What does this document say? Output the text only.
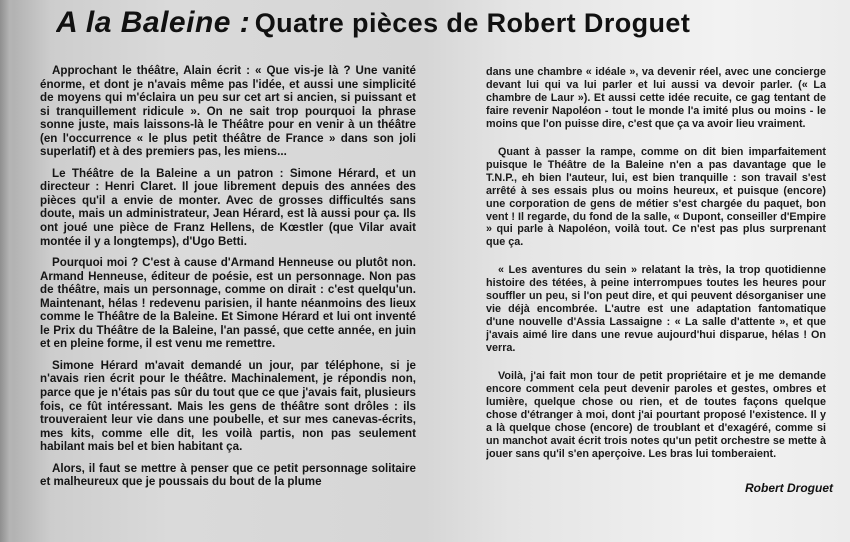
A la Baleine : Quatre pièces de Robert Droguet

Approchant le théâtre, Alain écrit : « Que vis-je là ? Une vanité énorme, et dont je n'avais même pas l'idée, et aussi une simplicité de moyens qui m'éclaira un peu sur cet art si ancien, si puissant et si tranquillement ridicule ». On ne sait trop pourquoi la phrase sonne juste, mais laissons-là le Théâtre pour en venir à un théâtre (en l'occurrence « le plus petit théâtre de France » dans son joli superlatif) et à des premiers pas, les miens...

Le Théâtre de la Baleine a un patron : Simone Hérard, et un directeur : Henri Claret. Il joue librement depuis des années des pièces qu'il a envie de monter. Avec de grosses difficultés sans doute, mais un administrateur, Jean Hérard, est là aussi pour ça. Ils ont joué une pièce de Franz Hellens, de Kœstler (que Vilar avait montée il y a longtemps), d'Ugo Betti.

Pourquoi moi ? C'est à cause d'Armand Henneuse ou plutôt non. Armand Henneuse, éditeur de poésie, est un personnage. Non pas de théâtre, mais un personnage, comme on dirait : c'est quelqu'un. Maintenant, hélas ! redevenu parisien, il hante néanmoins des lieux comme le Théâtre de la Baleine. Et Simone Hérard et lui ont inventé le Prix du Théâtre de la Baleine, l'an passé, que cette année, en juin et en pleine forme, il est venu me remettre.

Simone Hérard m'avait demandé un jour, par téléphone, si je n'avais rien écrit pour le théâtre. Machinalement, je répondis non, parce que je n'étais pas sûr du tout que ce que j'avais fait, plusieurs fois, ce fût intéressant. Mais les gens de théâtre sont drôles : ils trouveraient leur vie dans une poubelle, et sur mes canevas-écrits, mes kits, comme elle dit, les voilà partis, non pas seulement habilant mais bel et bien habitant ça.

Alors, il faut se mettre à penser que ce petit personnage solitaire et malheureux que je poussais du bout de la plume

dans une chambre « idéale », va devenir réel, avec une concierge devant lui qui va lui parler et lui aussi va devoir parler. (« La chambre de Laur »). Et aussi cette idée recuite, ce gag tentant de faire revenir Napoléon - tout le monde l'a imité plus ou moins - le moins que l'on puisse dire, c'est que ça va avoir lieu vraiment.

Quant à passer la rampe, comme on dit bien imparfaitement puisque le Théâtre de la Baleine n'en a pas davantage que le T.N.P., eh bien l'auteur, lui, est bien tranquille : son travail s'est arrêté à ses essais plus ou moins heureux, et puisque (encore) une corporation de gens de métier s'est chargée du paquet, bon vent ! Il regarde, du fond de la salle, « Dupont, conseiller d'Empire » qui parle à Napoléon, voilà tout. Ce n'est pas plus surprenant que ça.

« Les aventures du sein » relatant la très, la trop quotidienne histoire des tétées, à peine interrompues toutes les heures pour souffler un peu, si l'on peut dire, et qui peuvent désorganiser une vie déjà encombrée. L'autre est une adaptation fantomatique d'une nouvelle d'Assia Lassaigne : « La salle d'attente », et que j'avais aimé lire dans une revue aujourd'hui disparue, hélas ! On verra.

Voilà, j'ai fait mon tour de petit propriétaire et je me demande encore comment cela peut devenir paroles et gestes, ombres et lumière, quelque chose ou rien, et de toutes façons quelque chose d'étranger à moi, dont j'ai pourtant proposé l'existence. Il y a là quelque chose (encore) de troublant et d'exagéré, comme si un manchot avait écrit trois notes qu'un petit orchestre se mette à jouer sans qu'il s'en aperçoive. Les bras lui tomberaient.

Robert Droguet
